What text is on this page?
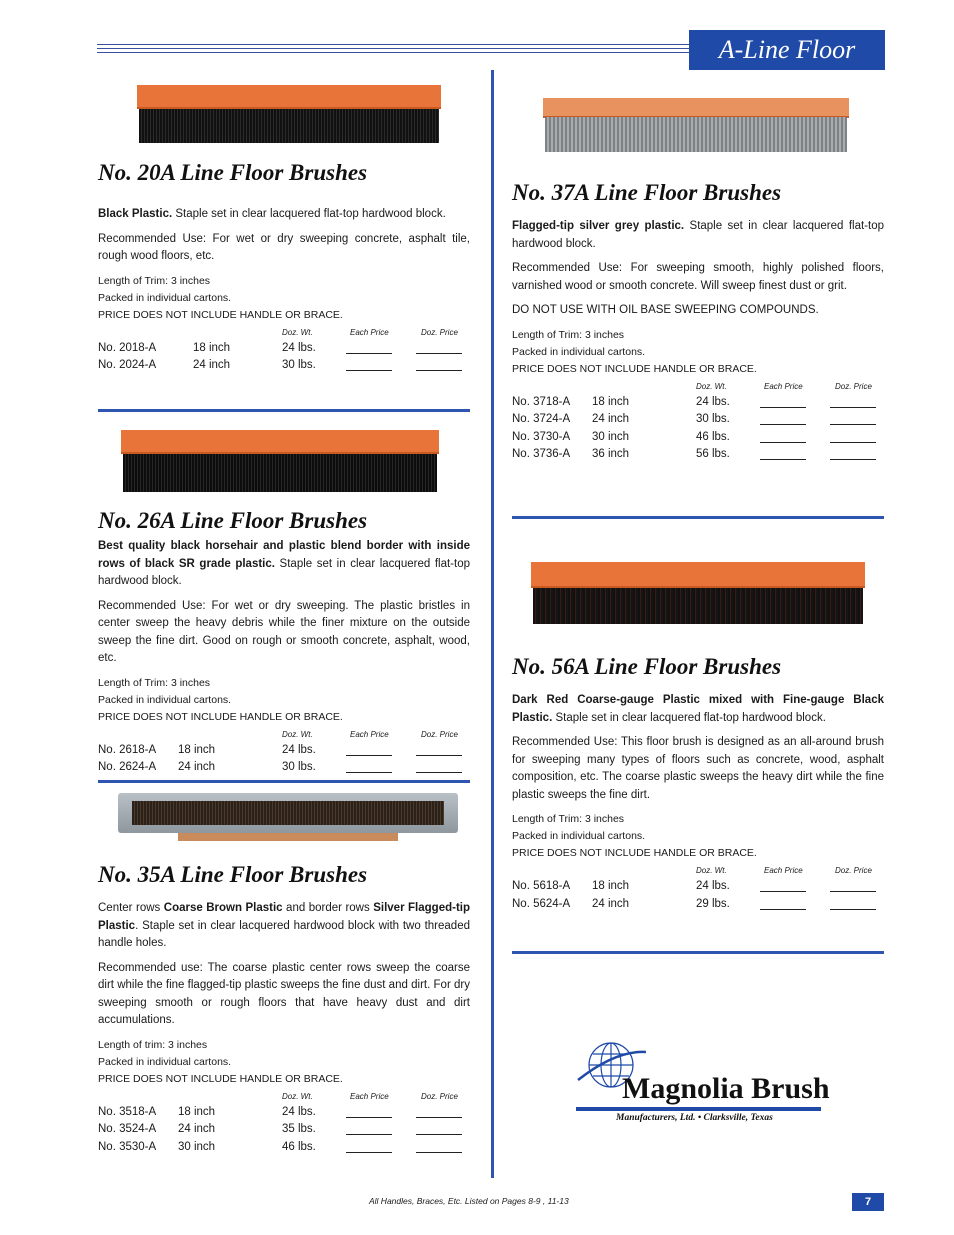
A-Line Floor
No. 20A Line Floor Brushes

Black Plastic. Staple set in clear lacquered flat-top hardwood block.

Recommended Use: For wet or dry sweeping concrete, asphalt tile, rough wood floors, etc.

Length of Trim: 3 inches

Packed in individual cartons.

PRICE DOES NOT INCLUDE HANDLE OR BRACE.

Doz. Wt.	Each Price	Doz. Price
No. 2018-A	18 inch	24 lbs.
No. 2024-A	24 inch	30 lbs.
No. 26A Line Floor Brushes

Best quality black horsehair and plastic blend border with inside rows of black SR grade plastic. Staple set in clear lacquered flat-top hardwood block.

Recommended Use: For wet or dry sweeping. The plastic bristles in center sweep the heavy debris while the finer mixture on the outside sweep the fine dirt. Good on rough or smooth concrete, asphalt, wood, etc.

Length of Trim: 3 inches

Packed in individual cartons.

PRICE DOES NOT INCLUDE HANDLE OR BRACE.

Doz. Wt.	Each Price	Doz. Price
No. 2618-A 18 inch	24 lbs.
No. 2624-A 24 inch	30 lbs.
No. 35A Line Floor Brushes

Center rows Coarse Brown Plastic and border rows Silver Flagged-tip Plastic. Staple set in clear lacquered hardwood block with two threaded handle holes.

Recommended use: The coarse plastic center rows sweep the coarse dirt while the fine flagged-tip plastic sweeps the fine dust and dirt. For dry sweeping smooth or rough floors that have heavy dust and dirt accumulations.

Length of trim: 3 inches

Packed in individual cartons.

PRICE DOES NOT INCLUDE HANDLE OR BRACE.

Doz. Wt.	Each Price	Doz. Price
No. 3518-A 18 inch	24 lbs.
No. 3524-A 24 inch	35 lbs.
No. 3530-A 30 inch	46 lbs.
No. 37A Line Floor Brushes

Flagged-tip silver grey plastic. Staple set in clear lacquered flat-top hardwood block.

Recommended Use: For sweeping smooth, highly polished floors, varnished wood or smooth concrete. Will sweep finest dust or grit.

DO NOT USE WITH OIL BASE SWEEPING COMPOUNDS.

Length of Trim: 3 inches

Packed in individual cartons.

PRICE DOES NOT INCLUDE HANDLE OR BRACE.

Doz. Wt.	Each Price	Doz. Price
No. 3718-A 18 inch	24 lbs.
No. 3724-A 24 inch	30 lbs.
No. 3730-A 30 inch	46 lbs.
No. 3736-A 36 inch	56 lbs.
No. 56A Line Floor Brushes

Dark Red Coarse-gauge Plastic mixed with Fine-gauge Black Plastic. Staple set in clear lacquered flat-top hardwood block.

Recommended Use: This floor brush is designed as an all-around brush for sweeping many types of floors such as concrete, wood, asphalt composition, etc. The coarse plastic sweeps the heavy dirt while the fine plastic sweeps the fine dirt.

Length of Trim: 3 inches

Packed in individual cartons.

PRICE DOES NOT INCLUDE HANDLE OR BRACE.

Doz. Wt.	Each Price	Doz. Price
No. 5618-A 18 inch	24 lbs.
No. 5624-A 24 inch	29 lbs.
Magnolia Brush
Manufacturers, Ltd. • Clarksville, Texas
All Handles, Braces, Etc. Listed on Pages 8-9 , 11-13	7
